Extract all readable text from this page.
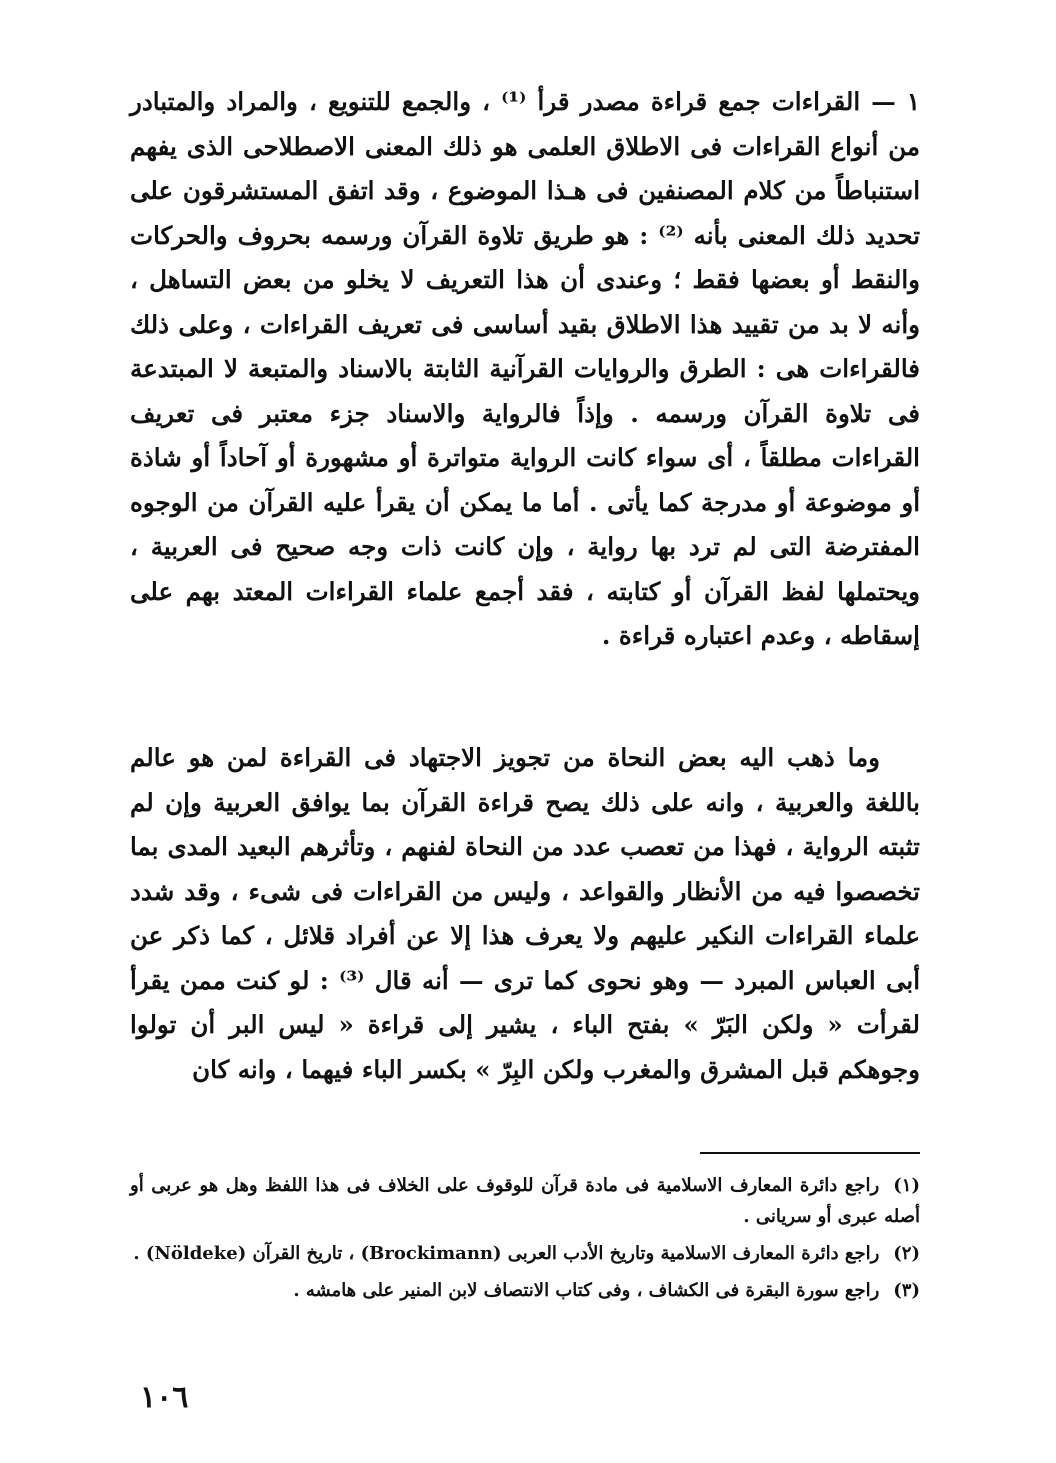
١ — القراءات جمع قراءة مصدر قرأ ⁽¹⁾ ، والجمع للتنويع ، والمراد والمتبادر من أنواع القراءات فى الاطلاق العلمى هو ذلك المعنى الاصطلاحى الذى يفهم استنباطاً من كلام المصنفين فى هـذا الموضوع ، وقد اتفق المستشرقون على تحديد ذلك المعنى بأنه ⁽²⁾ : هو طريق تلاوة القرآن ورسمه بحروف والحركات والنقط أو بعضها فقط ؛ وعندى أن هذا التعريف لا يخلو من بعض التساهل ، وأنه لا بد من تقييد هذا الاطلاق بقيد أساسى فى تعريف القراءات ، وعلى ذلك فالقراءات هى : الطرق والروايات القرآنية الثابتة بالاسناد والمتبعة لا المبتدعة فى تلاوة القرآن ورسمه . وإذاً فالرواية والاسناد جزء معتبر فى تعريف القراءات مطلقاً ، أى سواء كانت الرواية متواترة أو مشهورة أو آحاداً أو شاذة أو موضوعة أو مدرجة كما يأتى . أما ما يمكن أن يقرأ عليه القرآن من الوجوه المفترضة التى لم ترد بها رواية ، وإن كانت ذات وجه صحيح فى العربية ، ويحتملها لفظ القرآن أو كتابته ، فقد أجمع علماء القراءات المعتد بهم على إسقاطه ، وعدم اعتباره قراءة .

وما ذهب اليه بعض النحاة من تجويز الاجتهاد فى القراءة لمن هو عالم باللغة والعربية ، وانه على ذلك يصح قراءة القرآن بما يوافق العربية وإن لم تثبته الرواية ، فهذا من تعصب عدد من النحاة لفنهم ، وتأثرهم البعيد المدى بما تخصصوا فيه من الأنظار والقواعد ، وليس من القراءات فى شىء ، وقد شدد علماء القراءات النكير عليهم ولا يعرف هذا إلا عن أفراد قلائل ، كما ذكر عن أبى العباس المبرد — وهو نحوى كما ترى — أنه قال ⁽³⁾ : لو كنت ممن يقرأ لقرأت « ولكن البَرّ » بفتح الباء ، يشير إلى قراءة « ليس البر أن تولوا وجوهكم قبل المشرق والمغرب ولكن البِرّ » بكسر الباء فيهما ، وانه كان

(١)راجع دائرة المعارف الاسلامية فى مادة قرآن للوقوف على الخلاف فى هذا اللفظ وهل هو عربى أو أصله عبرى أو سريانى .

(٢)راجع دائرة المعارف الاسلامية وتاريخ الأدب العربى (Brockimann) ، تاريخ القرآن (Nöldeke) .

(٣)راجع سورة البقرة فى الكشاف ، وفى كتاب الانتصاف لابن المنير على هامشه .

١٠٦
